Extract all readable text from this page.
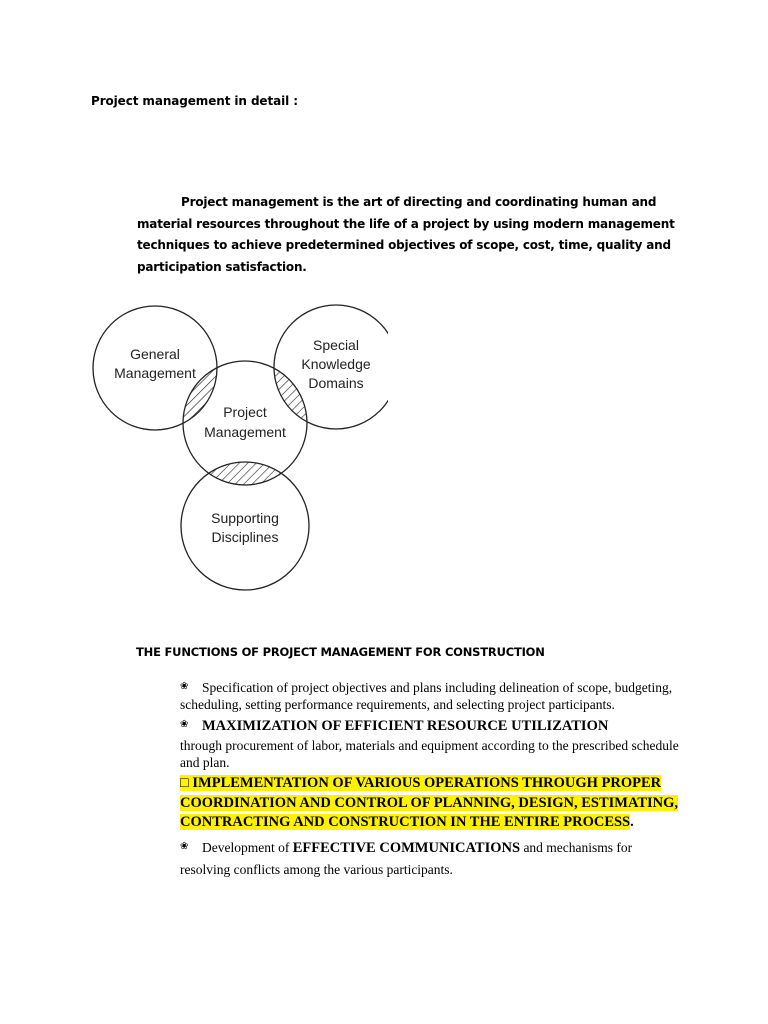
Project management in detail :
Project management is the art of directing and coordinating human and material resources throughout the life of a project by using modern management techniques to achieve predetermined objectives of scope, cost, time, quality and participation satisfaction.
General
Management
Special
Knowledge
Domains
Project
Management
Supporting
Disciplines
THE FUNCTIONS OF PROJECT MANAGEMENT FOR CONSTRUCTION
❀ Specification of project objectives and plans including delineation of scope, budgeting, scheduling, setting performance requirements, and selecting project participants.
❀ MAXIMIZATION OF EFFICIENT RESOURCE UTILIZATION
through procurement of labor, materials and equipment according to the prescribed schedule and plan.
□ IMPLEMENTATION OF VARIOUS OPERATIONS THROUGH PROPER COORDINATION AND CONTROL OF PLANNING, DESIGN, ESTIMATING, CONTRACTING AND CONSTRUCTION IN THE ENTIRE PROCESS.
❀ Development of EFFECTIVE COMMUNICATIONS and mechanisms for resolving conflicts among the various participants.
